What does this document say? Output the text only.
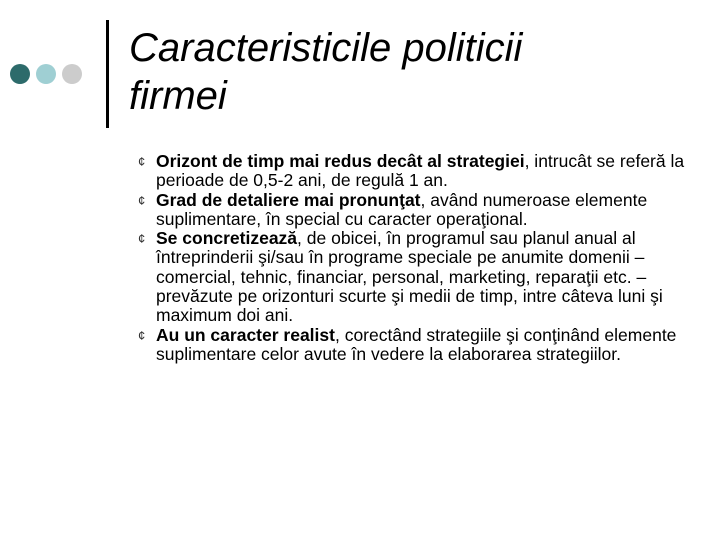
Caracteristicile politicii
firmei
¢ Orizont de timp mai redus decât al strategiei, intrucât se referă la perioade de 0,5-2 ani, de regulă 1 an.
¢ Grad de detaliere mai pronunţat, având numeroase elemente suplimentare, în special cu caracter operaţional.
¢ Se concretizează, de obicei, în programul sau planul anual al întreprinderii şi/sau în programe speciale pe anumite domenii – comercial, tehnic, financiar, personal, marketing, reparaţii etc. – prevăzute pe orizonturi scurte şi medii de timp, intre câteva luni şi maximum doi ani.
¢ Au un caracter realist, corectând strategiile şi conţinând elemente suplimentare celor avute în vedere la elaborarea strategiilor.
